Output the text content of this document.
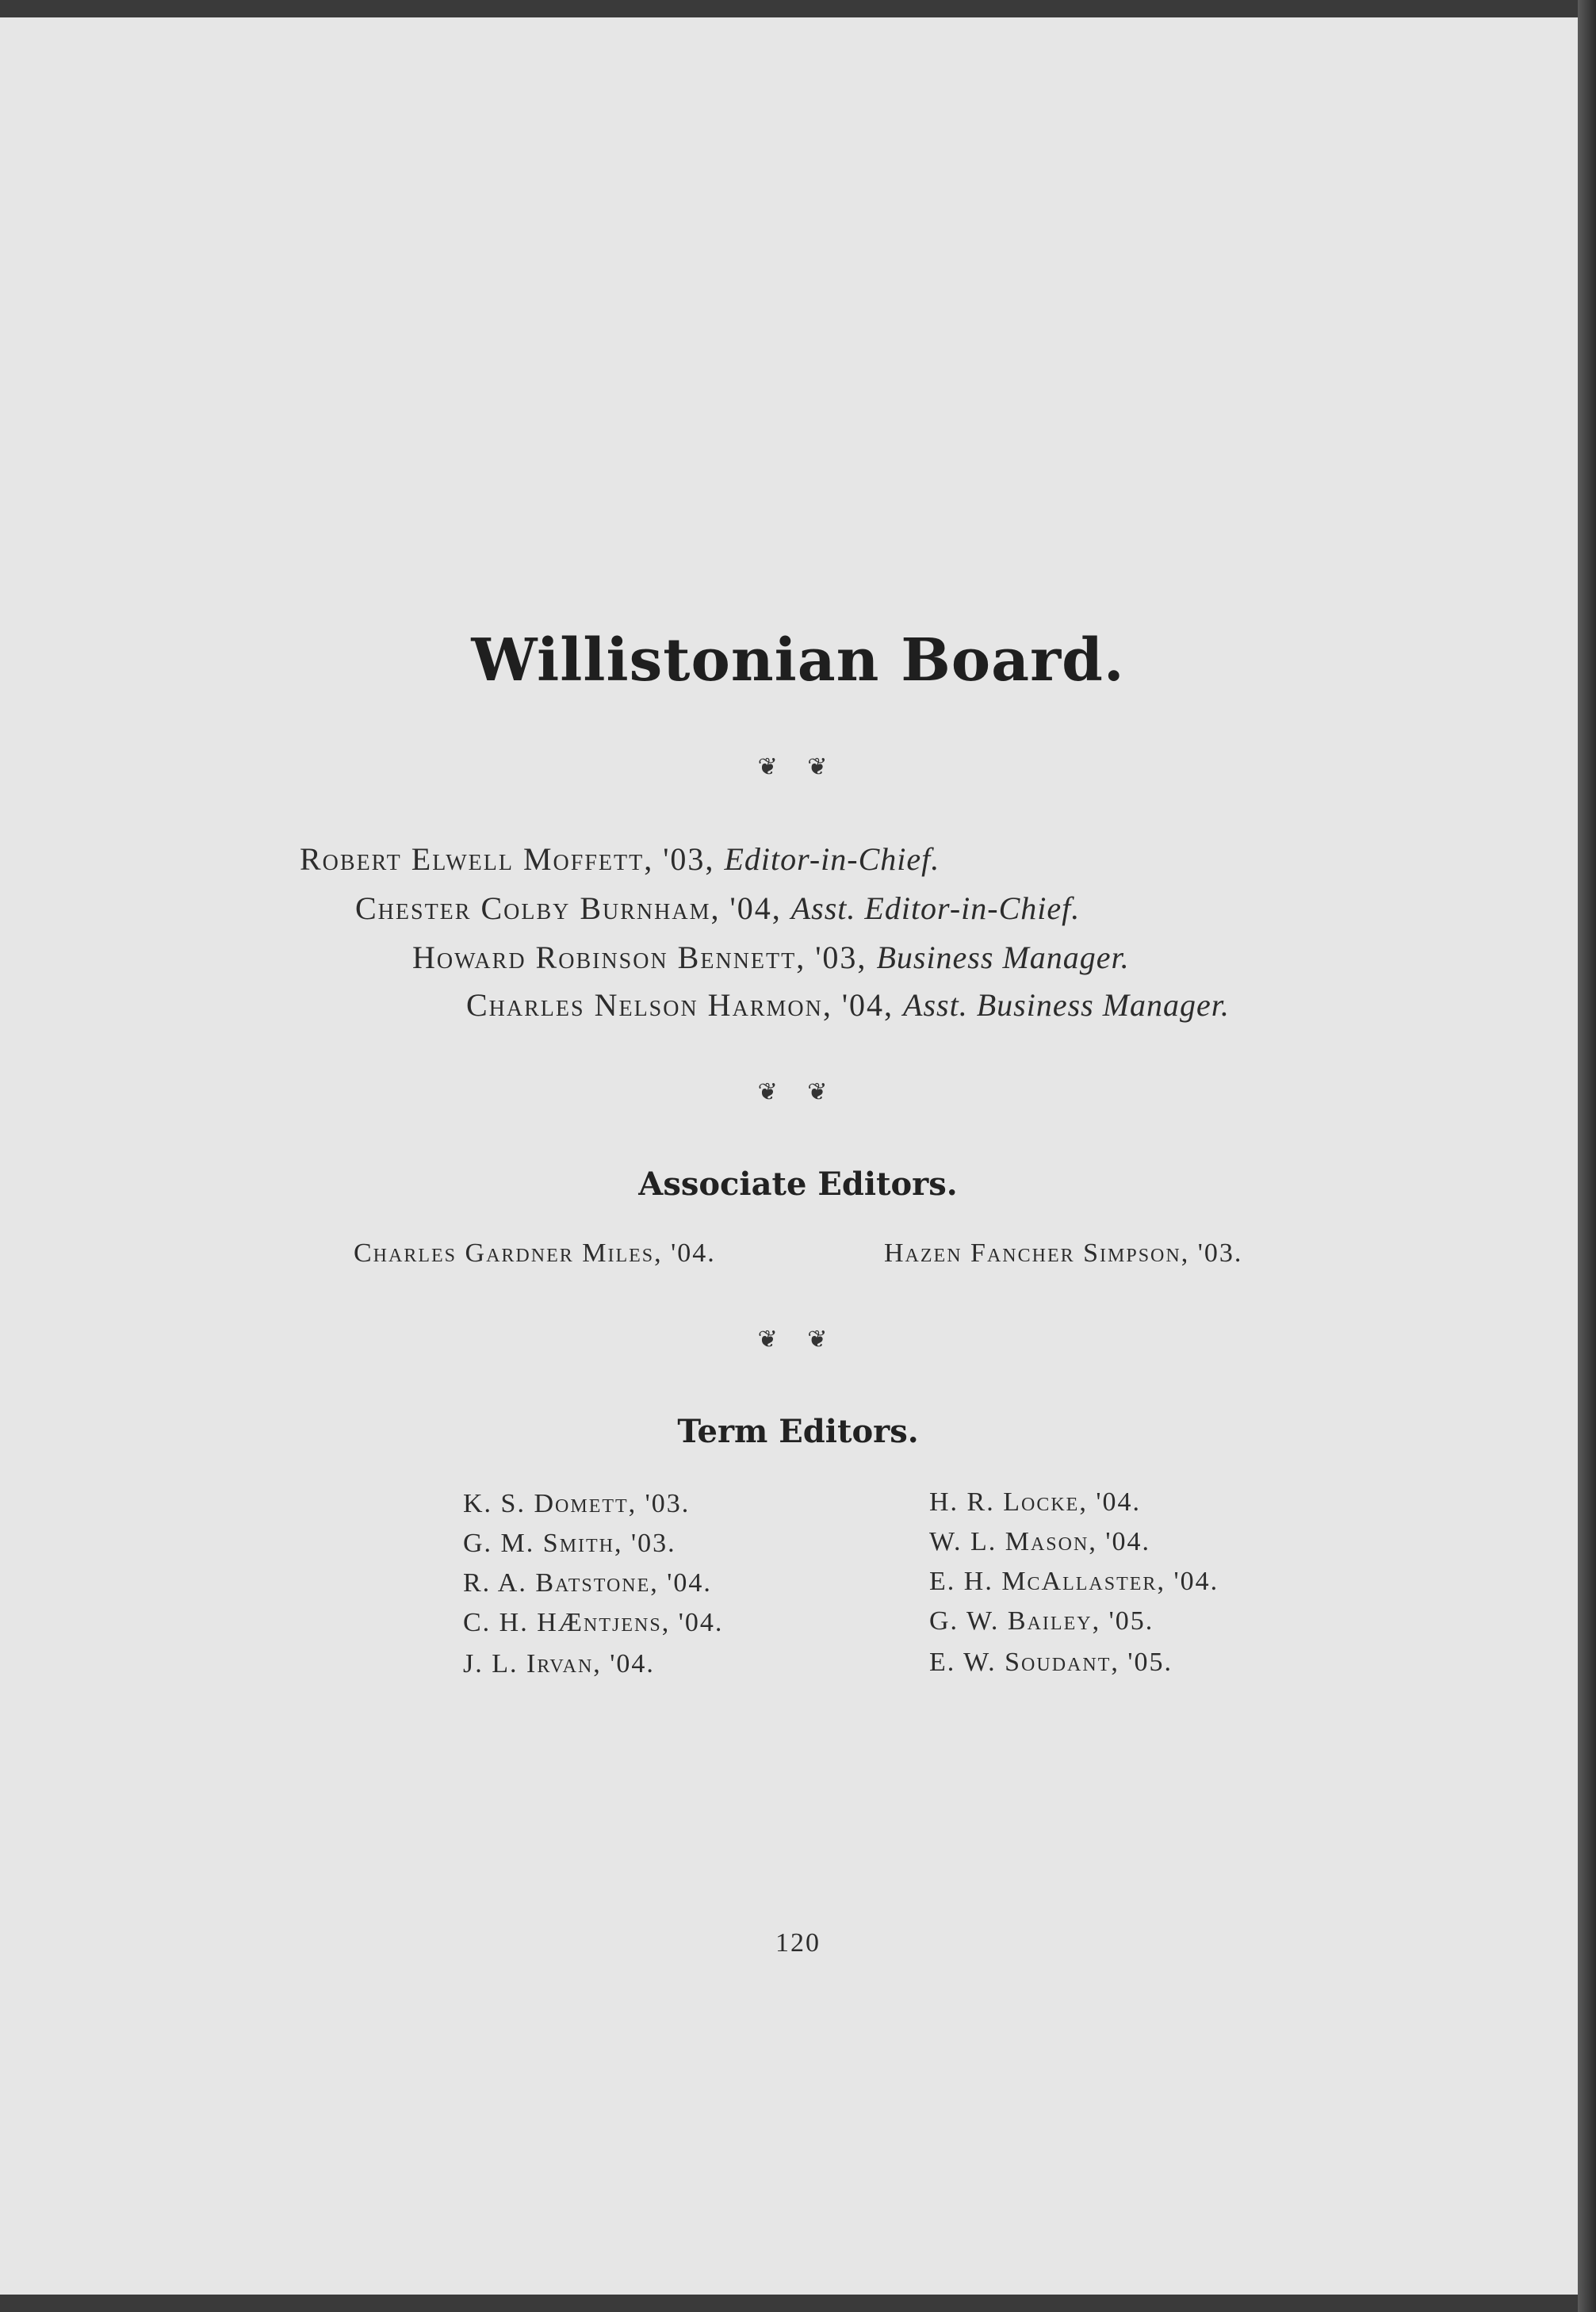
Willistonian Board.
❦ ❦
Robert Elwell Moffett, '03, Editor-in-Chief.
Chester Colby Burnham, '04, Asst. Editor-in-Chief.
Howard Robinson Bennett, '03, Business Manager.
Charles Nelson Harmon, '04, Asst. Business Manager.
❦ ❦
Associate Editors.
Charles Gardner Miles, '04.	Hazen Fancher Simpson, '03.
❦ ❦
Term Editors.
K. S. Domett, '03.
G. M. Smith, '03.
R. A. Batstone, '04.
C. H. HÆntjens, '04.
J. L. Irvan, '04.
H. R. Locke, '04.
W. L. Mason, '04.
E. H. McAllaster, '04.
G. W. Bailey, '05.
E. W. Soudant, '05.
120
